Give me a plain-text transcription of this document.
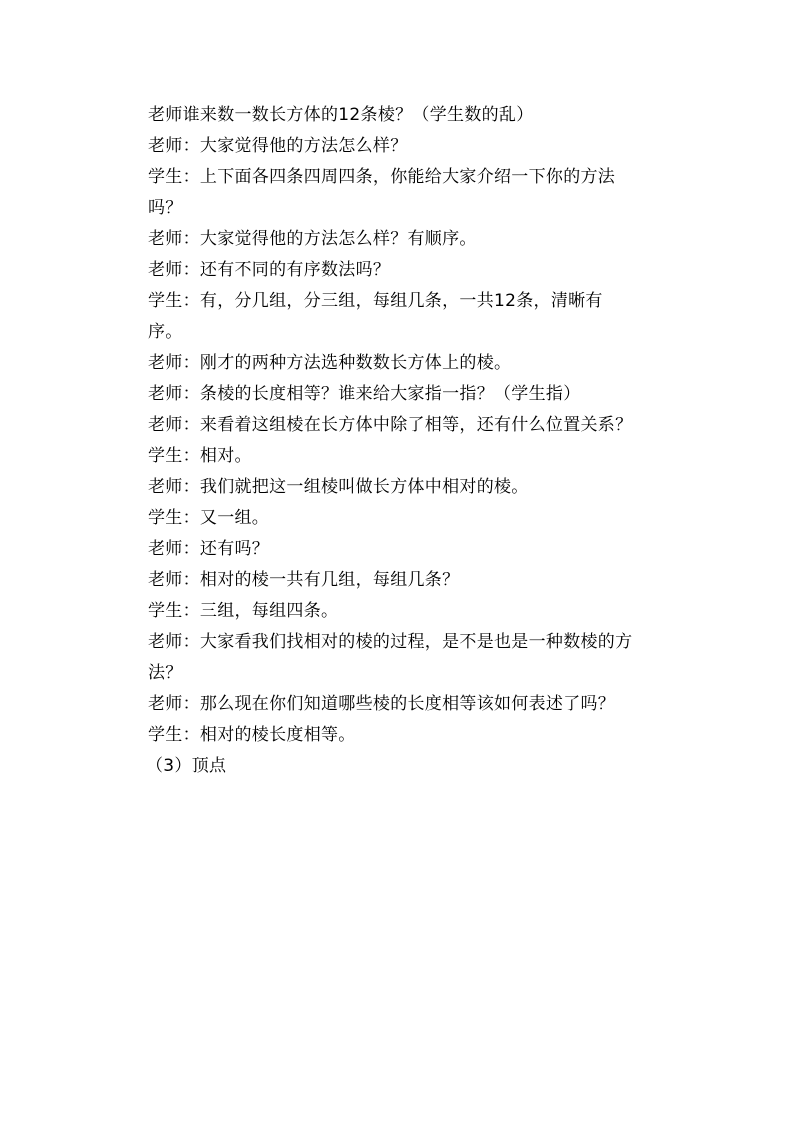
老师谁来数一数长方体的12条棱？（学生数的乱）
老师：大家觉得他的方法怎么样？
学生：上下面各四条四周四条，你能给大家介绍一下你的方法
吗？
老师：大家觉得他的方法怎么样？有顺序。
老师：还有不同的有序数法吗？
学生：有，分几组，分三组，每组几条，一共12条，清晰有
序。
老师：刚才的两种方法选种数数长方体上的棱。
老师：条棱的长度相等？谁来给大家指一指？（学生指）
老师：来看着这组棱在长方体中除了相等，还有什么位置关系？
学生：相对。
老师：我们就把这一组棱叫做长方体中相对的棱。
学生：又一组。
老师：还有吗？
老师：相对的棱一共有几组，每组几条？
学生：三组，每组四条。
老师：大家看我们找相对的棱的过程，是不是也是一种数棱的方
法？
老师：那么现在你们知道哪些棱的长度相等该如何表述了吗？
学生：相对的棱长度相等。
（3）顶点
